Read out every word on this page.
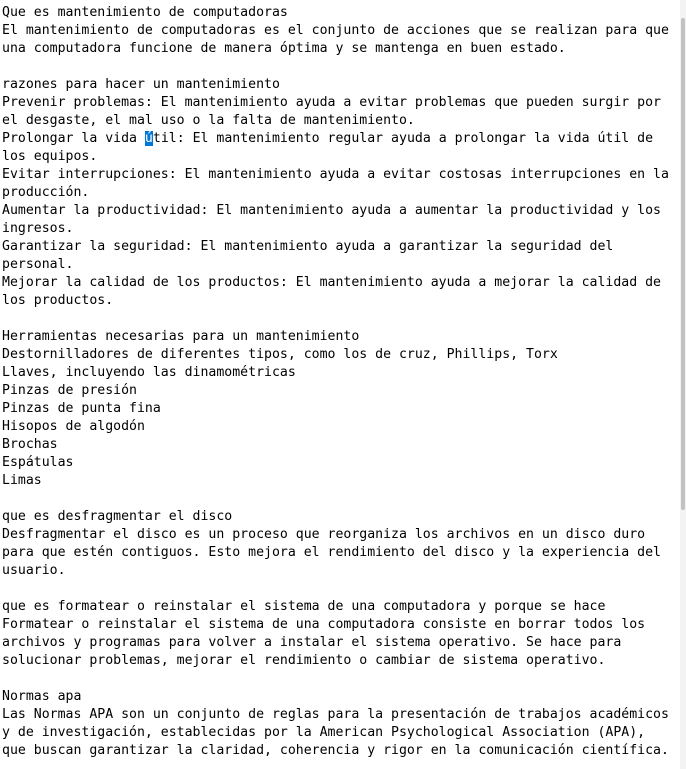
Que es mantenimiento de computadoras
El mantenimiento de computadoras es el conjunto de acciones que se realizan para que
una computadora funcione de manera óptima y se mantenga en buen estado.
razones para hacer un mantenimiento
Prevenir problemas: El mantenimiento ayuda a evitar problemas que pueden surgir por
el desgaste, el mal uso o la falta de mantenimiento.
Prolongar la vida útil: El mantenimiento regular ayuda a prolongar la vida útil de
los equipos.
Evitar interrupciones: El mantenimiento ayuda a evitar costosas interrupciones en la
producción.
Aumentar la productividad: El mantenimiento ayuda a aumentar la productividad y los
ingresos.
Garantizar la seguridad: El mantenimiento ayuda a garantizar la seguridad del
personal.
Mejorar la calidad de los productos: El mantenimiento ayuda a mejorar la calidad de
los productos.
Herramientas necesarias para un mantenimiento
Destornilladores de diferentes tipos, como los de cruz, Phillips, Torx
Llaves, incluyendo las dinamométricas
Pinzas de presión
Pinzas de punta fina
Hisopos de algodón
Brochas
Espátulas
Limas
que es desfragmentar el disco
Desfragmentar el disco es un proceso que reorganiza los archivos en un disco duro
para que estén contiguos. Esto mejora el rendimiento del disco y la experiencia del
usuario.
que es formatear o reinstalar el sistema de una computadora y porque se hace
Formatear o reinstalar el sistema de una computadora consiste en borrar todos los
archivos y programas para volver a instalar el sistema operativo. Se hace para
solucionar problemas, mejorar el rendimiento o cambiar de sistema operativo.
Normas apa
Las Normas APA son un conjunto de reglas para la presentación de trabajos académicos
y de investigación, establecidas por la American Psychological Association (APA),
que buscan garantizar la claridad, coherencia y rigor en la comunicación científica.
